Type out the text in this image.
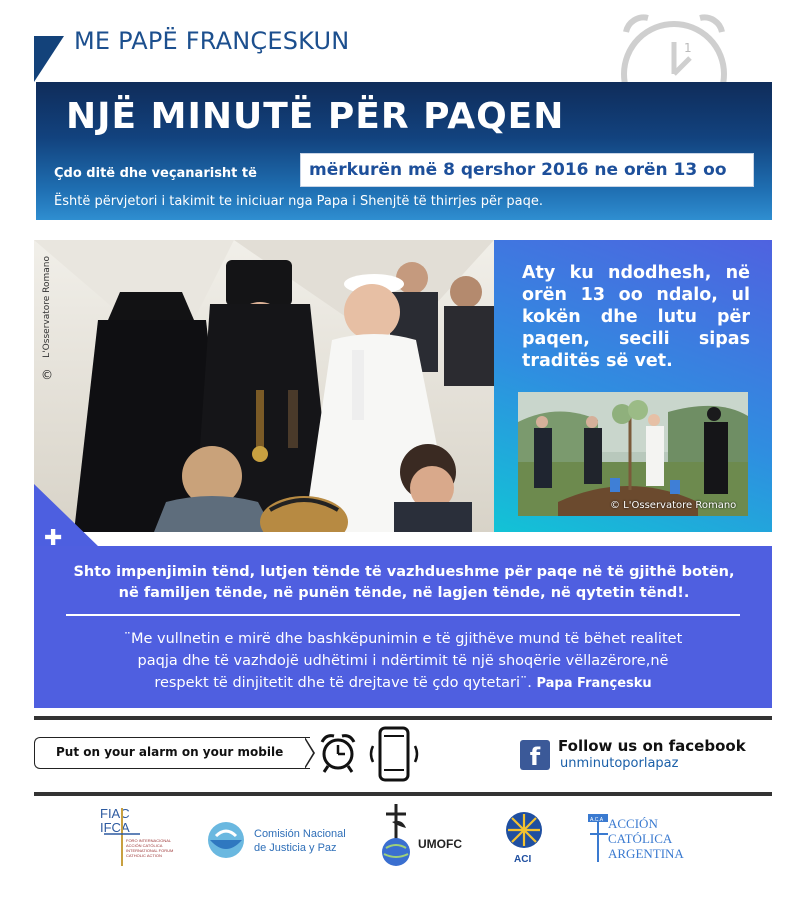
1
ME PAPË FRANÇESKUN
NJË MINUTË PËR PAQEN
Çdo ditë dhe veçanarisht të	mërkurën më 8 qershor 2016 ne orën 13 oo
Është përvjetori i takimit te iniciuar nga Papa i Shenjtë të thirrjes për paqe.
L'Osservatore Romano
©
Aty ku ndodhesh, në orën 13 oo ndalo, ul kokën dhe lutu për paqen, secili sipas traditës së vet.
© L'Osservatore Romano
✚
Shto impenjimin tënd, lutjen tënde të vazhdueshme për paqe në të gjithë botën,
në familjen tënde, në punën tënde, në lagjen tënde, në qytetin tënd!.
¨Me vullnetin e mirë dhe bashkëpunimin e të gjithëve mund të bëhet realitet
paqja dhe të vazhdojë udhëtimi i ndërtimit të një shoqërie vëllazërore,në
respekt të dinjitetit dhe të drejtave të çdo qytetari¨. Papa Françesku
Put on your alarm on your mobile	f	Follow us on facebook
unminutoporlapaz
FIAC
IFCA
FORO INTERNACIONAL
ACCIÓN CATÓLICA
INTERNATIONAL FORUM
CATHOLIC ACTION
Comisión Nacional
de Justicia y Paz	UMOFC
ACI
A.C.A ACCIÓN
CATÓLICA
ARGENTINA
